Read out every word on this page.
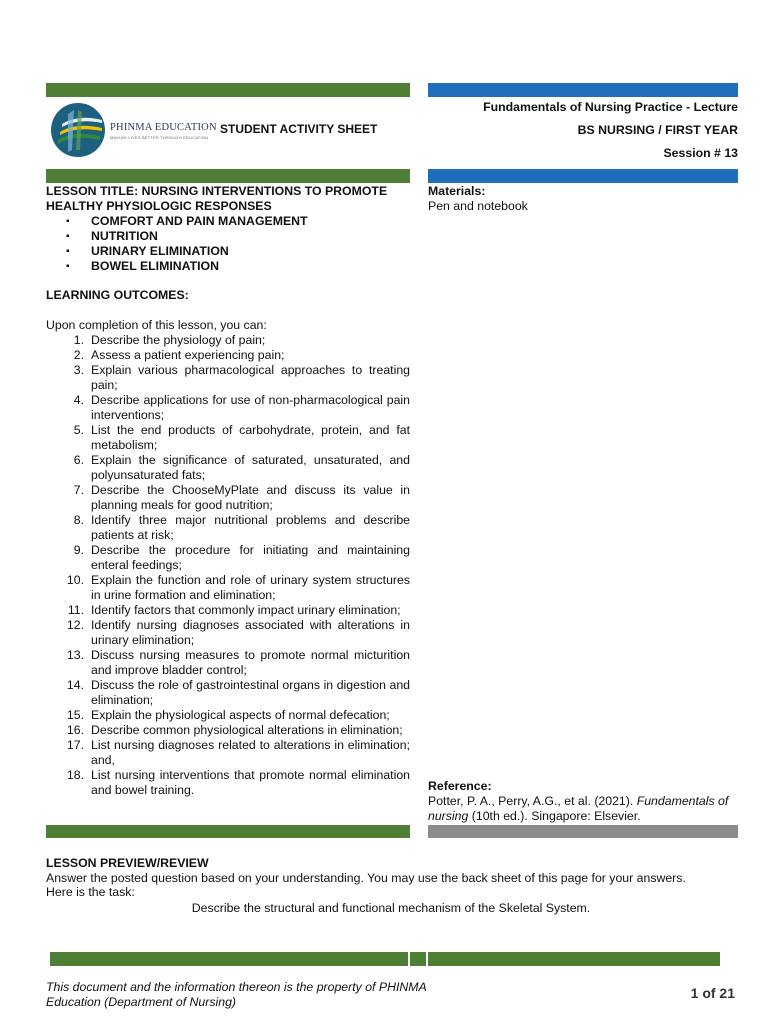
PHINMA EDUCATION
MAKING LIVES BETTER THROUGH EDUCATION
STUDENT ACTIVITY SHEET
Fundamentals of Nursing Practice - Lecture
BS NURSING / FIRST YEAR
Session # 13
LESSON TITLE: NURSING INTERVENTIONS TO PROMOTE HEALTHY PHYSIOLOGIC RESPONSES
▪ COMFORT AND PAIN MANAGEMENT
▪ NUTRITION
▪ URINARY ELIMINATION
▪ BOWEL ELIMINATION
LEARNING OUTCOMES:
Upon completion of this lesson, you can:
1. Describe the physiology of pain;
2. Assess a patient experiencing pain;
3. Explain various pharmacological approaches to treating pain;
4. Describe applications for use of non-pharmacological pain interventions;
5. List the end products of carbohydrate, protein, and fat metabolism;
6. Explain the significance of saturated, unsaturated, and polyunsaturated fats;
7. Describe the ChooseMyPlate and discuss its value in planning meals for good nutrition;
8. Identify three major nutritional problems and describe patients at risk;
9. Describe the procedure for initiating and maintaining enteral feedings;
10. Explain the function and role of urinary system structures in urine formation and elimination;
11. Identify factors that commonly impact urinary elimination;
12. Identify nursing diagnoses associated with alterations in urinary elimination;
13. Discuss nursing measures to promote normal micturition and improve bladder control;
14. Discuss the role of gastrointestinal organs in digestion and elimination;
15. Explain the physiological aspects of normal defecation;
16. Describe common physiological alterations in elimination;
17. List nursing diagnoses related to alterations in elimination; and,
18. List nursing interventions that promote normal elimination and bowel training.
Materials:
Pen and notebook
Reference:
Potter, P. A., Perry, A.G., et al. (2021). Fundamentals of nursing (10th ed.). Singapore: Elsevier.
LESSON PREVIEW/REVIEW
Answer the posted question based on your understanding. You may use the back sheet of this page for your answers.
Here is the task:
Describe the structural and functional mechanism of the Skeletal System.
This document and the information thereon is the property of PHINMA Education (Department of Nursing)
1 of 21
